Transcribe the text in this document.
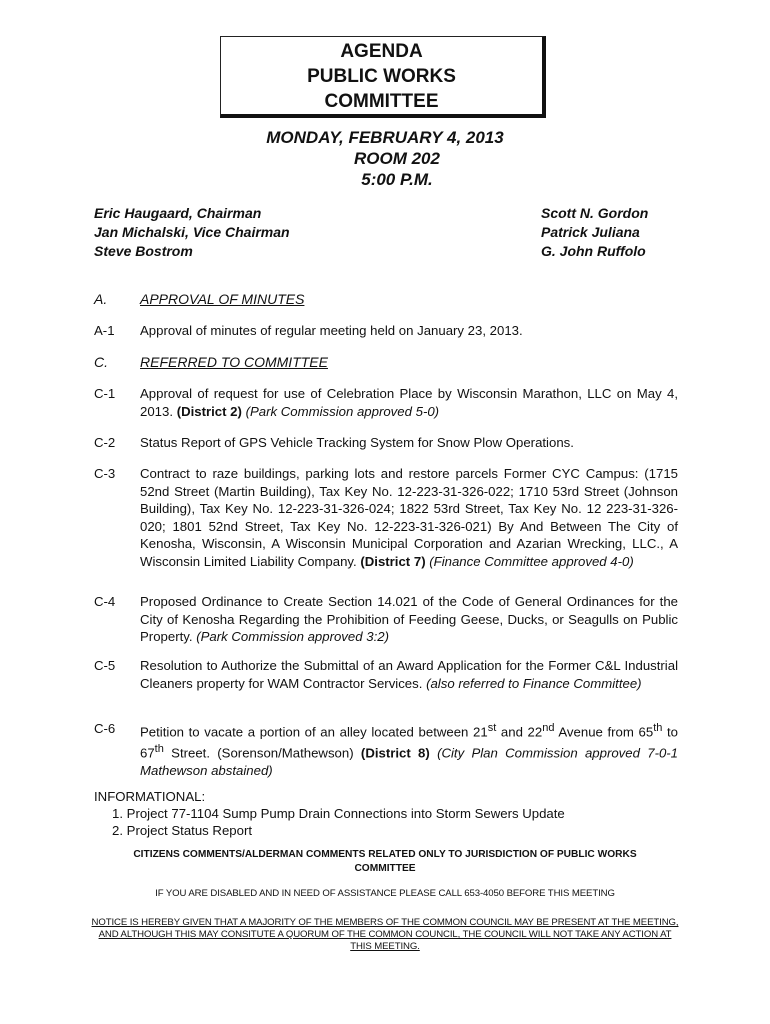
AGENDA
PUBLIC WORKS
COMMITTEE
MONDAY, FEBRUARY 4, 2013
ROOM 202
5:00 P.M.
Eric Haugaard, Chairman
Jan Michalski, Vice Chairman
Steve Bostrom
Scott N. Gordon
Patrick Juliana
G. John Ruffolo
A. APPROVAL OF MINUTES
A-1 Approval of minutes of regular meeting held on January 23, 2013.
C. REFERRED TO COMMITTEE
C-1 Approval of request for use of Celebration Place by Wisconsin Marathon, LLC on May 4, 2013. (District 2) (Park Commission approved 5-0)
C-2 Status Report of GPS Vehicle Tracking System for Snow Plow Operations.
C-3 Contract to raze buildings, parking lots and restore parcels Former CYC Campus: (1715 52nd Street (Martin Building), Tax Key No. 12-223-31-326-022; 1710 53rd Street (Johnson Building), Tax Key No. 12-223-31-326-024; 1822 53rd Street, Tax Key No. 12 223-31-326-020; 1801 52nd Street, Tax Key No. 12-223-31-326-021) By And Between The City of Kenosha, Wisconsin, A Wisconsin Municipal Corporation and Azarian Wrecking, LLC., A Wisconsin Limited Liability Company. (District 7) (Finance Committee approved 4-0)
C-4 Proposed Ordinance to Create Section 14.021 of the Code of General Ordinances for the City of Kenosha Regarding the Prohibition of Feeding Geese, Ducks, or Seagulls on Public Property. (Park Commission approved 3:2)
C-5 Resolution to Authorize the Submittal of an Award Application for the Former C&L Industrial Cleaners property for WAM Contractor Services. (also referred to Finance Committee)
C-6 Petition to vacate a portion of an alley located between 21st and 22nd Avenue from 65th to 67th Street. (Sorenson/Mathewson) (District 8) (City Plan Commission approved 7-0-1 Mathewson abstained)
INFORMATIONAL:
1. Project 77-1104 Sump Pump Drain Connections into Storm Sewers Update
2. Project Status Report
CITIZENS COMMENTS/ALDERMAN COMMENTS RELATED ONLY TO JURISDICTION OF PUBLIC WORKS
COMMITTEE
IF YOU ARE DISABLED AND IN NEED OF ASSISTANCE PLEASE CALL 653-4050 BEFORE THIS MEETING
NOTICE IS HEREBY GIVEN THAT A MAJORITY OF THE MEMBERS OF THE COMMON COUNCIL MAY BE PRESENT AT THE MEETING, AND ALTHOUGH THIS MAY CONSITUTE A QUORUM OF THE COMMON COUNCIL, THE COUNCIL WILL NOT TAKE ANY ACTION AT THIS MEETING.
